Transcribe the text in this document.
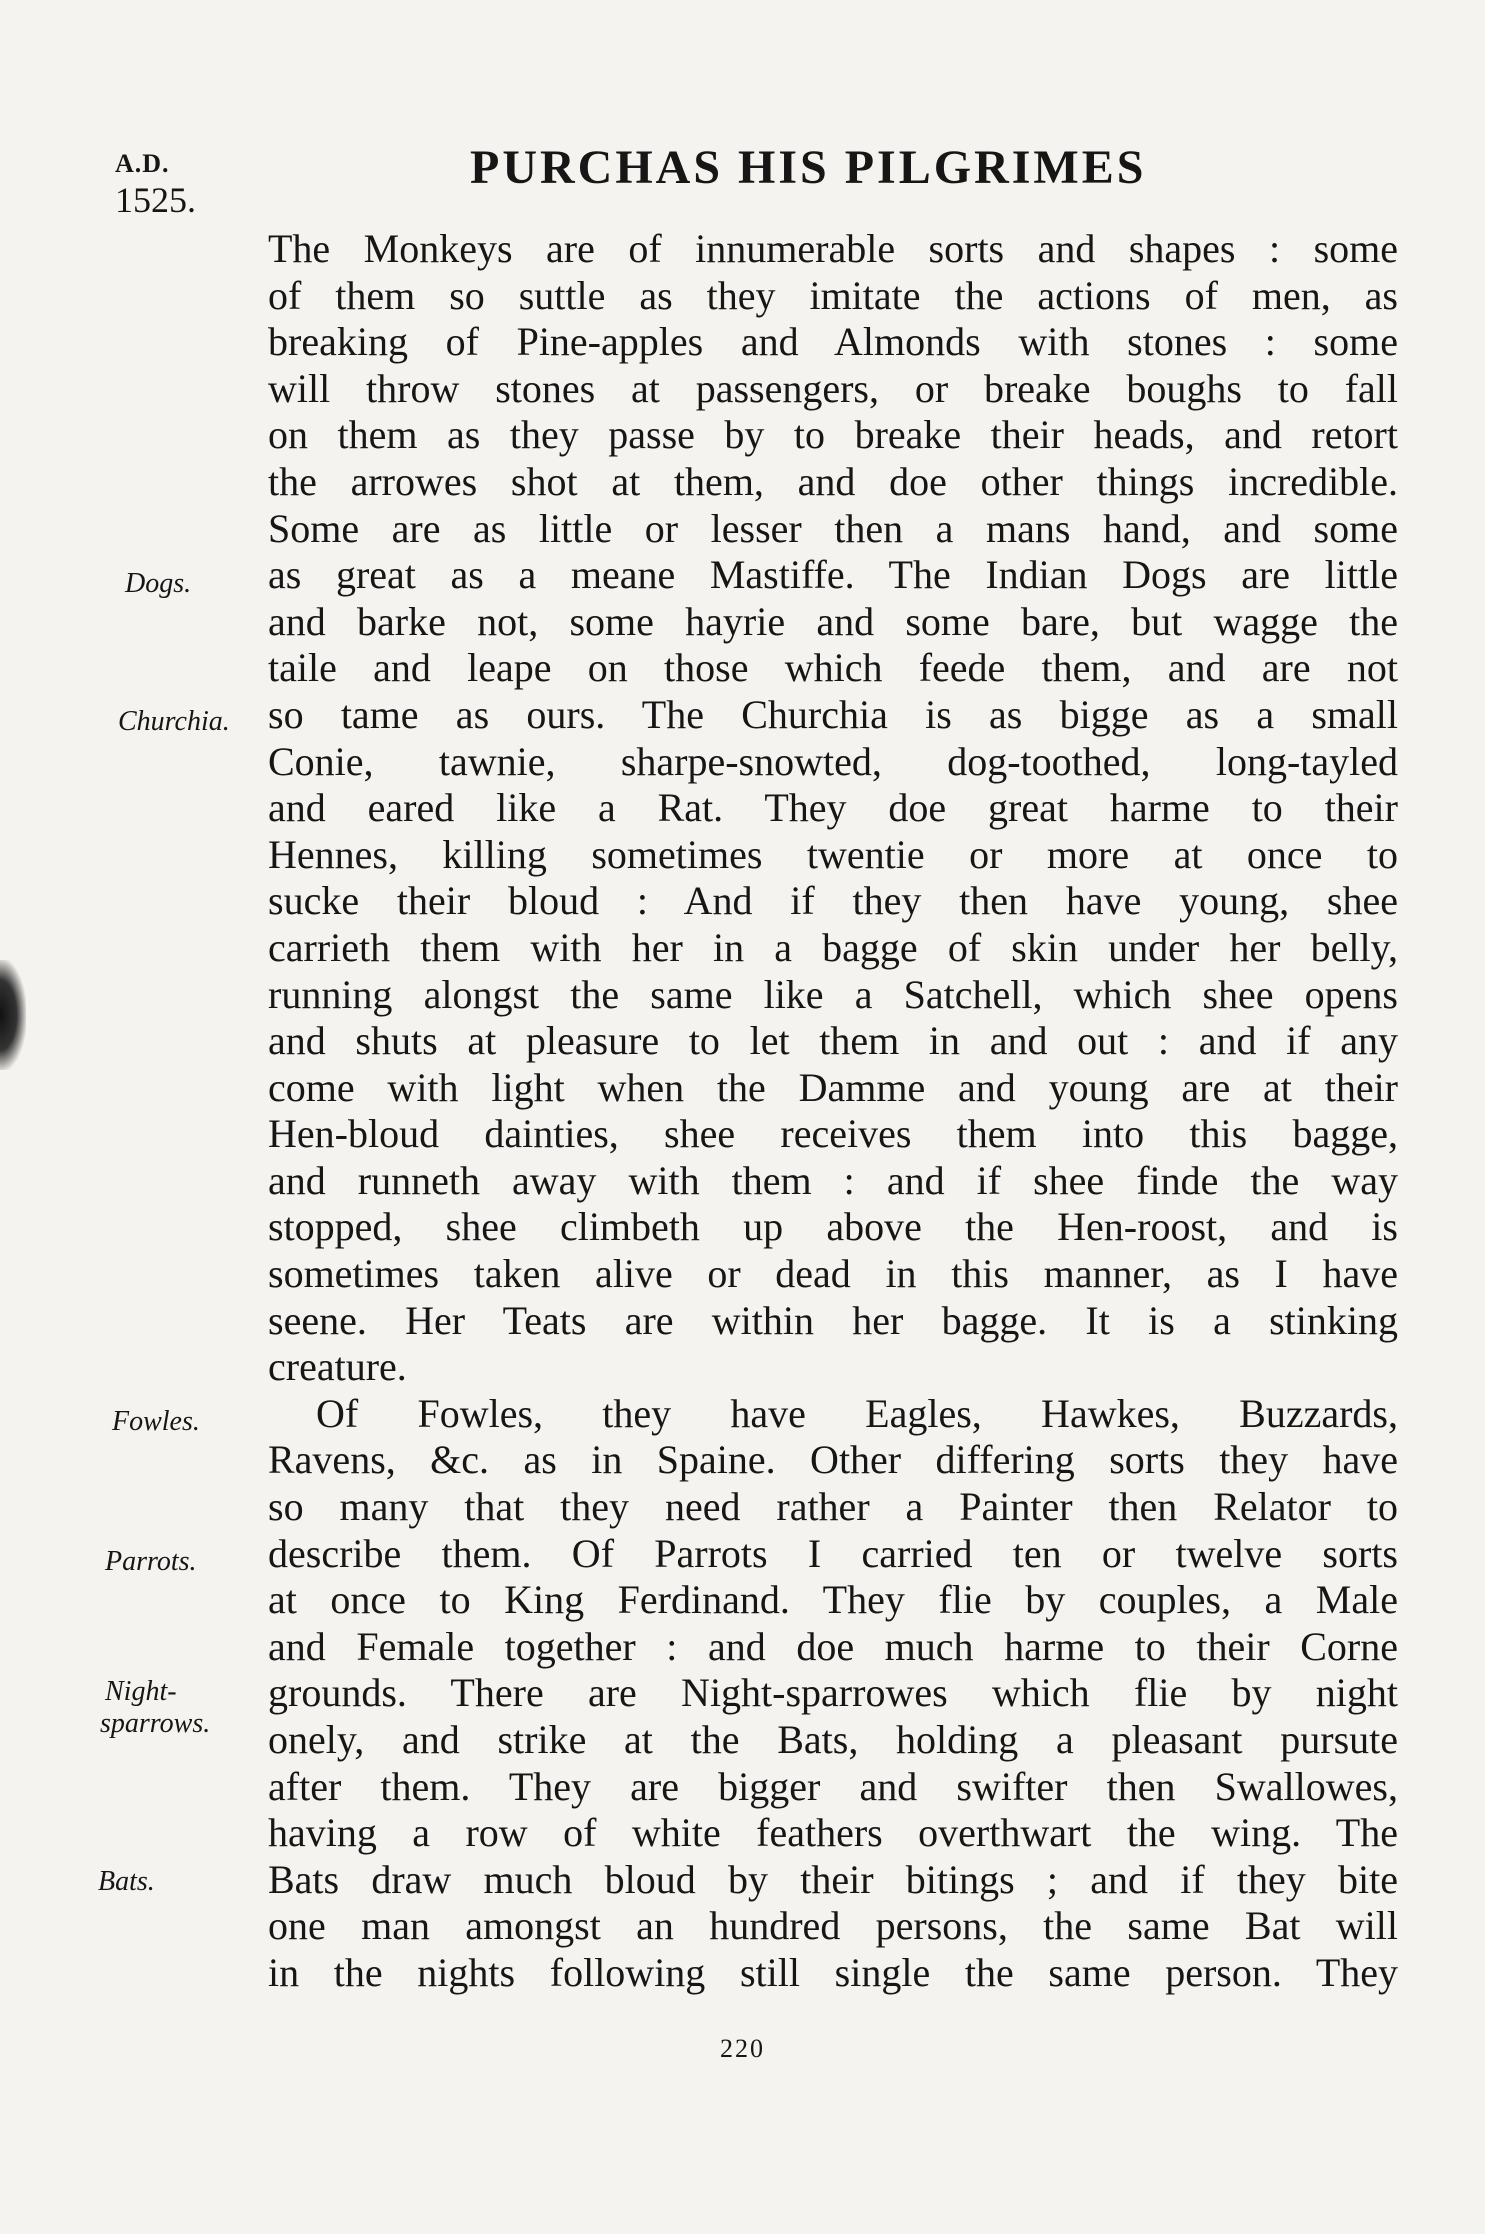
A.D.
1525.
PURCHAS HIS PILGRIMES
The Monkeys are of innumerable sorts and shapes : some
of them so suttle as they imitate the actions of men, as
breaking of Pine-apples and Almonds with stones : some
will throw stones at passengers, or breake boughs to fall
on them as they passe by to breake their heads, and retort
the arrowes shot at them, and doe other things incredible.
Some are as little or lesser then a mans hand, and some
as great as a meane Mastiffe. The Indian Dogs are little
and barke not, some hayrie and some bare, but wagge the
taile and leape on those which feede them, and are not
so tame as ours. The Churchia is as bigge as a small
Conie, tawnie, sharpe-snowted, dog-toothed, long-tayled
and eared like a Rat. They doe great harme to their
Hennes, killing sometimes twentie or more at once to
sucke their bloud : And if they then have young, shee
carrieth them with her in a bagge of skin under her belly,
running alongst the same like a Satchell, which shee opens
and shuts at pleasure to let them in and out : and if any
come with light when the Damme and young are at their
Hen-bloud dainties, shee receives them into this bagge,
and runneth away with them : and if shee finde the way
stopped, shee climbeth up above the Hen-roost, and is
sometimes taken alive or dead in this manner, as I have
seene. Her Teats are within her bagge. It is a stinking
creature.
Of Fowles, they have Eagles, Hawkes, Buzzards,
Ravens, &c. as in Spaine. Other differing sorts they have
so many that they need rather a Painter then Relator to
describe them. Of Parrots I carried ten or twelve sorts
at once to King Ferdinand. They flie by couples, a Male
and Female together : and doe much harme to their Corne
grounds. There are Night-sparrowes which flie by night
onely, and strike at the Bats, holding a pleasant pursute
after them. They are bigger and swifter then Swallowes,
having a row of white feathers overthwart the wing. The
Bats draw much bloud by their bitings ; and if they bite
one man amongst an hundred persons, the same Bat will
in the nights following still single the same person. They
Dogs.
Churchia.
Fowles.
Parrots.
Night-
sparrows.
Bats.
220
